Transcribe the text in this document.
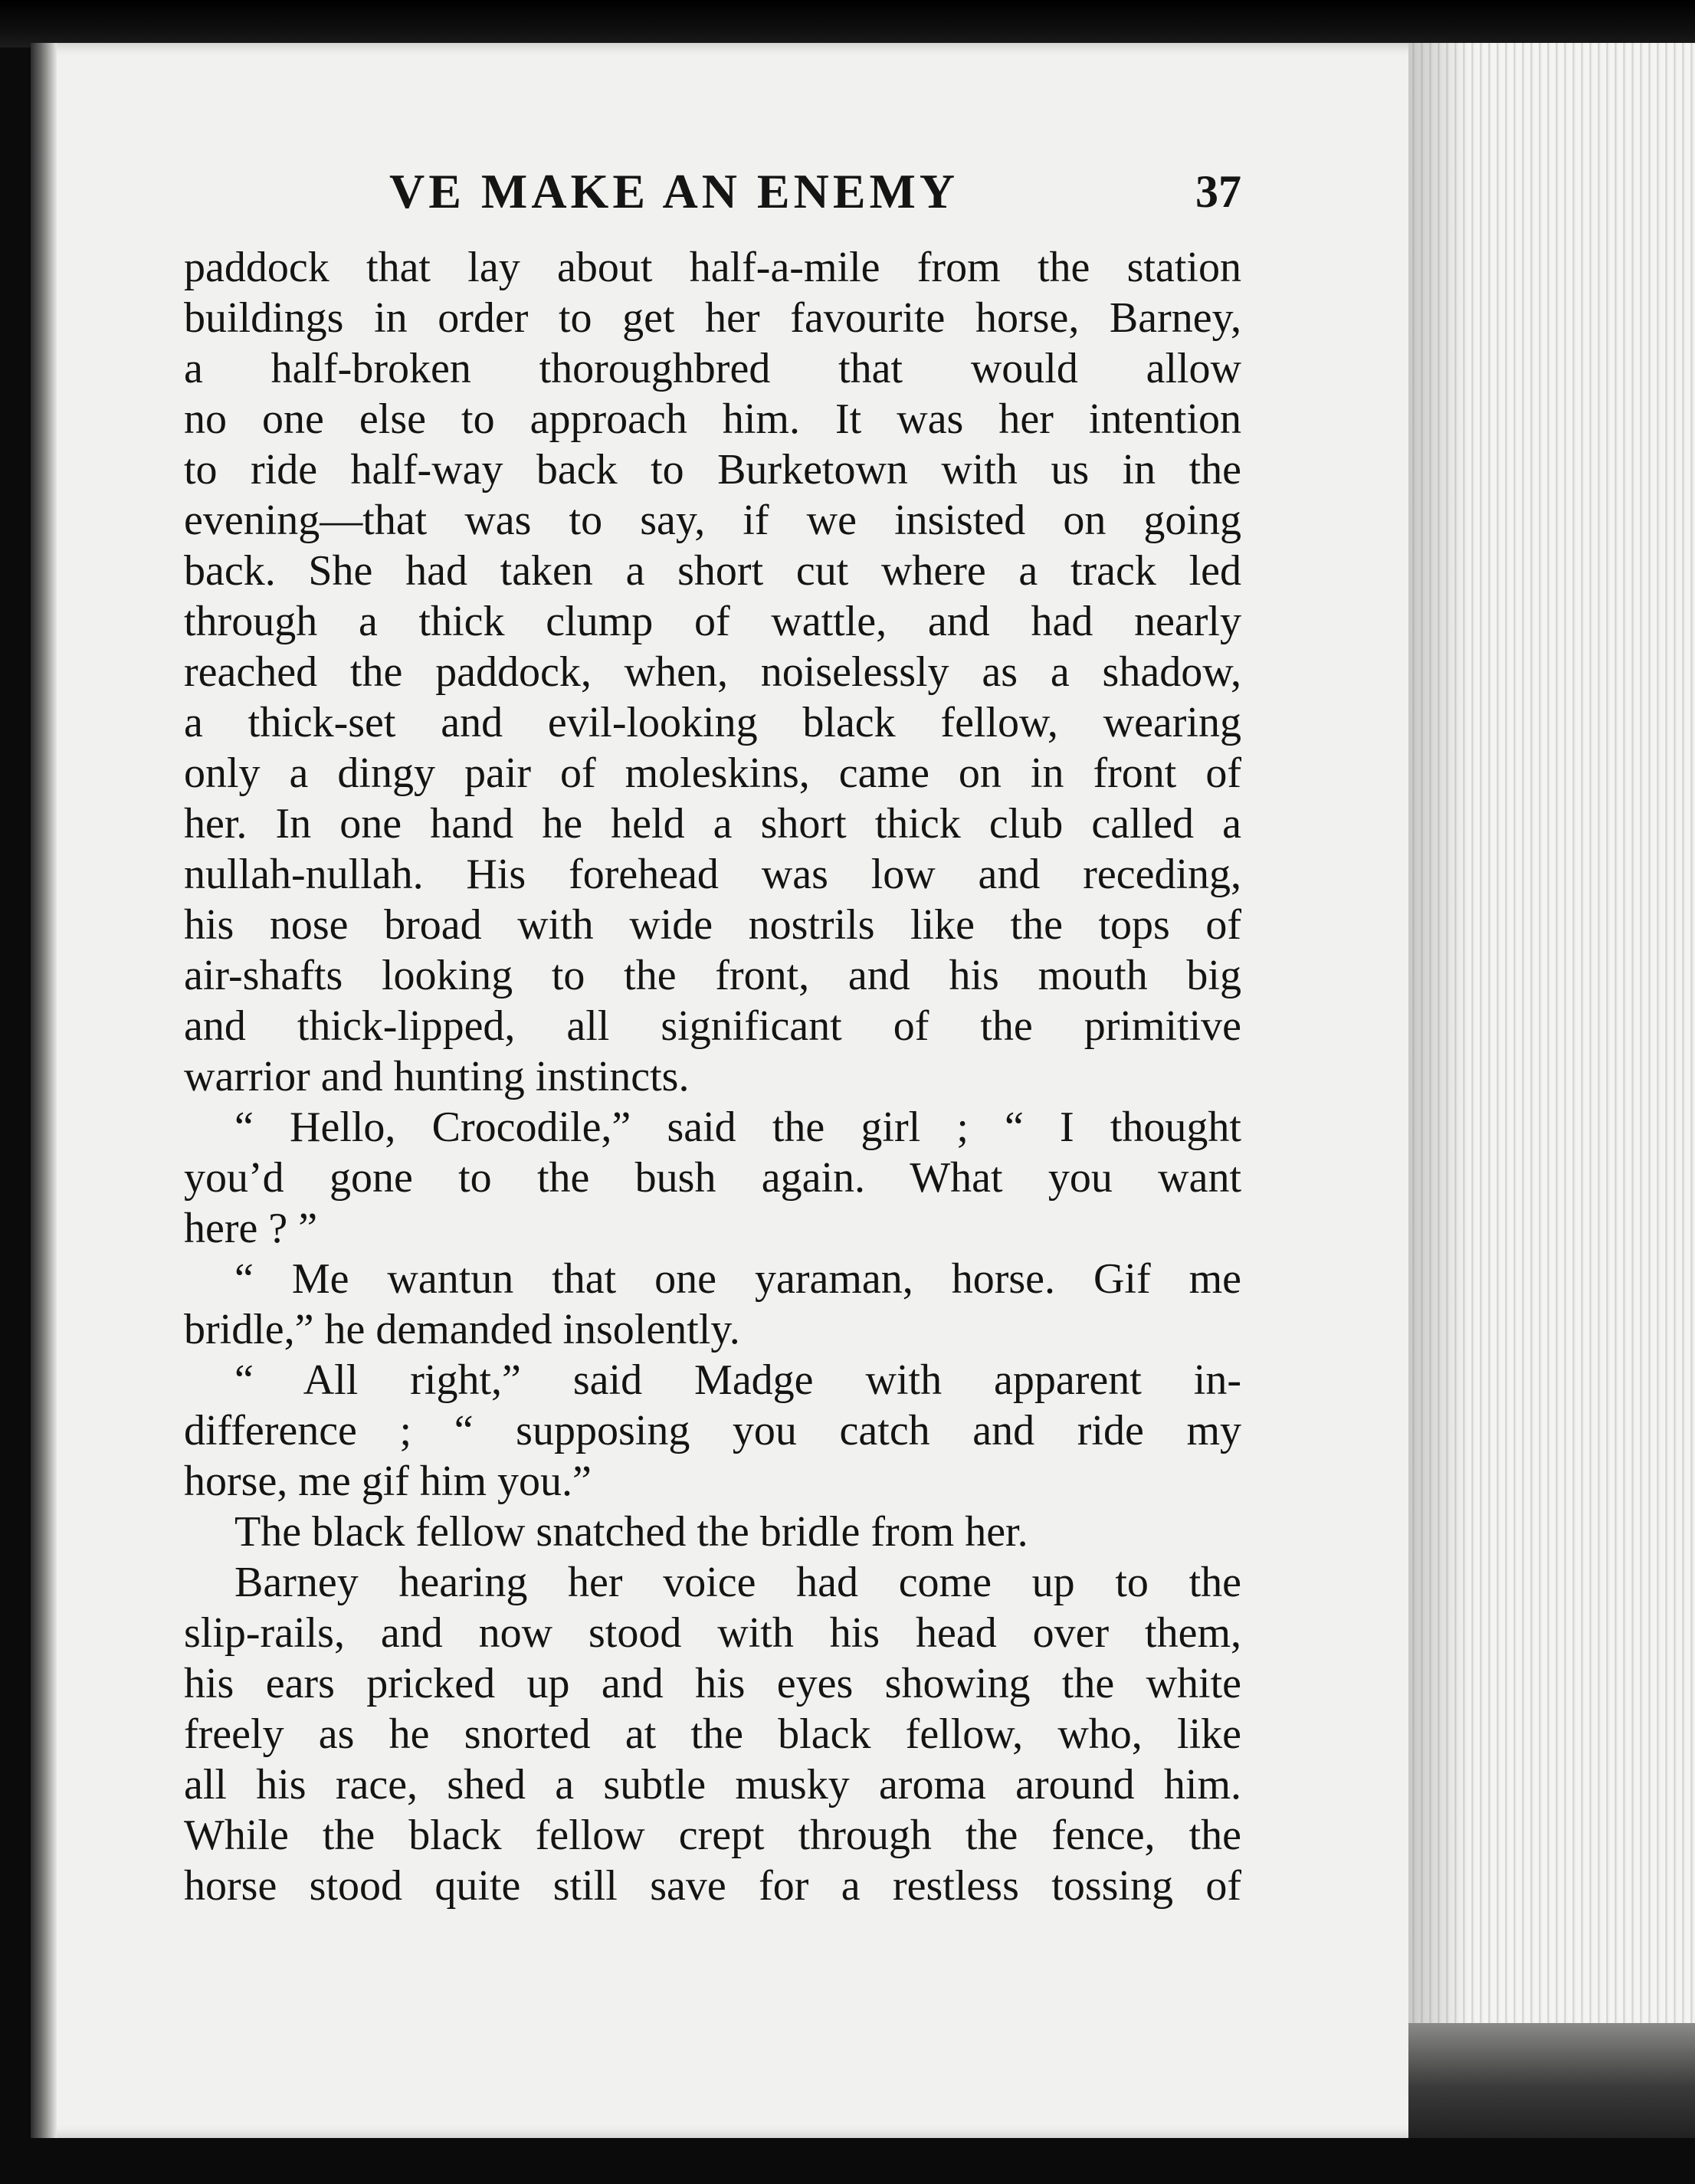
VE MAKE AN ENEMY	37
paddock that lay about half-a-mile from the station
buildings in order to get her favourite horse, Barney,
a half-broken thoroughbred that would allow
no one else to approach him. It was her intention
to ride half-way back to Burketown with us in the
evening—that was to say, if we insisted on going
back. She had taken a short cut where a track led
through a thick clump of wattle, and had nearly
reached the paddock, when, noiselessly as a shadow,
a thick-set and evil-looking black fellow, wearing
only a dingy pair of moleskins, came on in front of
her. In one hand he held a short thick club called a
nullah-nullah. His forehead was low and receding,
his nose broad with wide nostrils like the tops of
air-shafts looking to the front, and his mouth big
and thick-lipped, all significant of the primitive
warrior and hunting instincts.
“ Hello, Crocodile,” said the girl ; “ I thought
you’d gone to the bush again. What you want
here ? ”
“ Me wantun that one yaraman, horse. Gif me
bridle,” he demanded insolently.
“ All right,” said Madge with apparent in-
difference ; “ supposing you catch and ride my
horse, me gif him you.”
The black fellow snatched the bridle from her.
Barney hearing her voice had come up to the
slip-rails, and now stood with his head over them,
his ears pricked up and his eyes showing the white
freely as he snorted at the black fellow, who, like
all his race, shed a subtle musky aroma around him.
While the black fellow crept through the fence, the
horse stood quite still save for a restless tossing of
